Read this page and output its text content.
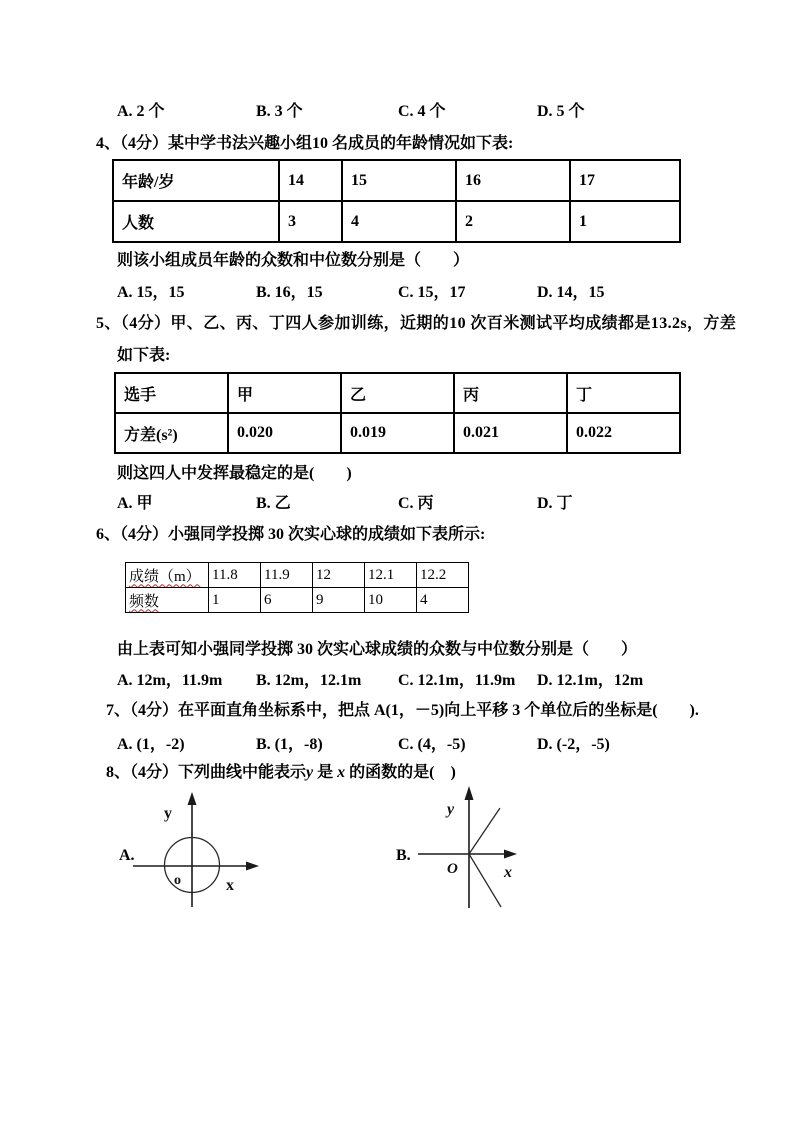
A. 2 个	B. 3 个	C. 4 个	D. 5 个
4、（4分）某中学书法兴趣小组10 名成员的年龄情况如下表:
年龄/岁	14	15	16	17
人数	3	4	2	1
则该小组成员年龄的众数和中位数分别是（　　）
A. 15，15	B. 16，15	C. 15，17	D. 14，15
5、（4分）甲、乙、丙、丁四人参加训练，近期的10 次百米测试平均成绩都是13.2s，方差
如下表:
选手	甲	乙	丙	丁
方差(s²)	0.020	0.019	0.021	0.022
则这四人中发挥最稳定的是(　　)
A. 甲	B. 乙	C. 丙	D. 丁
6、（4分）小强同学投掷 30 次实心球的成绩如下表所示:
成绩（m）	11.8	11.9	12	12.1	12.2
频数	1	6	9	10	4
由上表可知小强同学投掷 30 次实心球成绩的众数与中位数分别是（　　）
A. 12m，11.9m B. 12m，12.1m C. 12.1m，11.9m D. 12.1m，12m
7、（4分）在平面直角坐标系中，把点 A(1，－5)向上平移 3 个单位后的坐标是(　　).
A. (1，-2)	B. (1，-8)	C. (4，-5)	D. (-2，-5)
8、（4分）下列曲线中能表示y 是 x 的函数的是(　)
A.
y
x
o
B.
y
x
O
